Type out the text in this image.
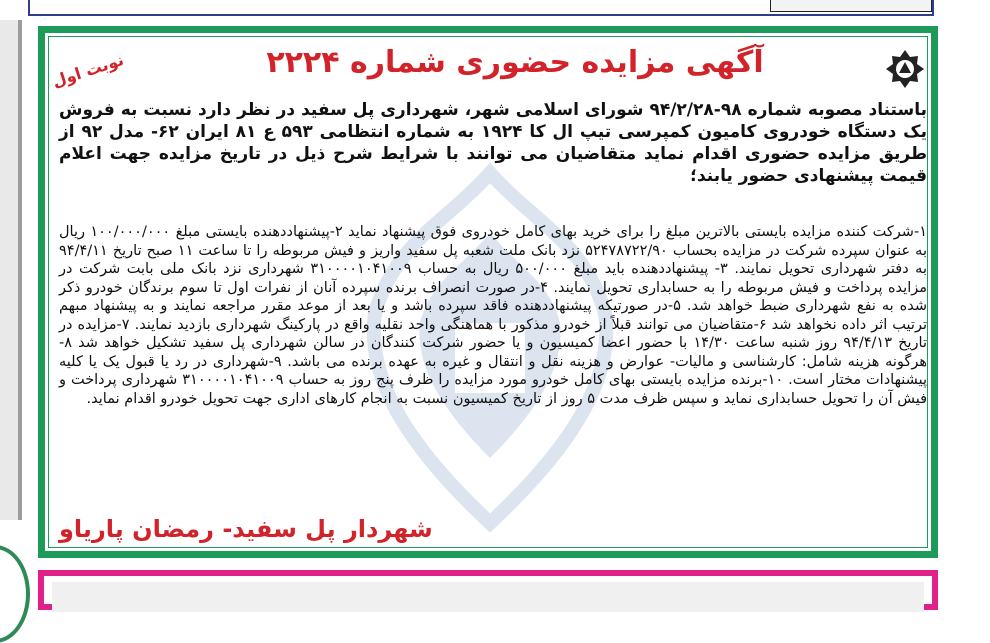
آگهی مزایده حضوری شماره ۲۲۲۴
نوبت اول
باستناد مصوبه شماره ۹۸-۹۴/۲/۲۸ شورای اسلامی شهر، شهرداری پل سفید در نظر دارد نسبت به فروش یک دستگاه خودروی کامیون کمپرسی تیپ ال کا ۱۹۲۴ به شماره انتظامی ۵۹۳ ع ۸۱ ایران ۶۲- مدل ۹۲ از طریق مزایده حضوری اقدام نماید متقاضیان می توانند با شرایط شرح ذیل در تاریخ مزایده جهت اعلام قیمت پیشنهادی حضور یابند؛
۱-شرکت کننده مزایده بایستی بالاترین مبلغ را برای خرید بهای کامل خودروی فوق پیشنهاد نماید ۲-پیشنهاددهنده بایستی مبلغ ۱۰۰/۰۰۰/۰۰۰ ریال به عنوان سپرده شرکت در مزایده بحساب ۵۲۴۷۸۷۲۲/۹۰ نزد بانک ملت شعبه پل سفید واریز و فیش مربوطه را تا ساعت ۱۱ صبح تاریخ ۹۴/۴/۱۱ به دفتر شهرداری تحویل نمایند. ۳- پیشنهاددهنده باید مبلغ ۵۰۰/۰۰۰ ریال به حساب ۳۱۰۰۰۰۱۰۴۱۰۰۹ شهرداری نزد بانک ملی بابت شرکت در مزایده پرداخت و فیش مربوطه را به حسابداری تحویل نمایند. ۴-در صورت انصراف برنده سپرده آنان از نفرات اول تا سوم برندگان خودرو ذکر شده به نفع شهرداری ضبط خواهد شد. ۵-در صورتیکه پیشنهاددهنده فاقد سپرده باشد و یا بعد از موعد مقرر مراجعه نمایند و به پیشنهاد مبهم ترتیب اثر داده نخواهد شد ۶-متقاضیان می توانند قبلاً از خودرو مذکور با هماهنگی واحد نقلیه واقع در پارکینگ شهرداری بازدید نمایند. ۷-مزایده در تاریخ ۹۴/۴/۱۳ روز شنبه ساعت ۱۴/۳۰ با حضور اعضا کمیسیون و یا حضور شرکت کنندگان در سالن شهرداری پل سفید تشکیل خواهد شد ۸-هرگونه هزینه شامل: کارشناسی و مالیات- عوارض و هزینه نقل و انتقال و غیره به عهده برنده می باشد. ۹-شهرداری در رد یا قبول یک یا کلیه پیشنهادات مختار است. ۱۰-برنده مزایده بایستی بهای کامل خودرو مورد مزایده را ظرف پنج روز به حساب ۳۱۰۰۰۰۱۰۴۱۰۰۹ شهرداری پرداخت و فیش آن را تحویل حسابداری نماید و سپس ظرف مدت ۵ روز از تاریخ کمیسیون نسبت به انجام کارهای اداری جهت تحویل خودرو اقدام نماید.
شهردار پل سفید- رمضان پاریاو
